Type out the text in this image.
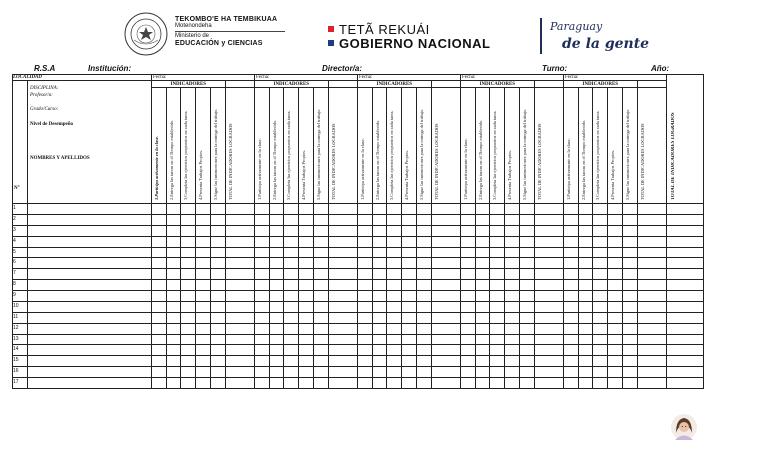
TEKOMBO'E HA TEMBIKUAA
Motenondeha
Ministerio de
EDUCACIÓN y CIENCIAS
TETÃ REKUÁI
GOBIERNO NACIONAL
Paraguay
de la gente
R.S.A	Institución:	Director/a:	Turno:	Año:
LOCALIDAD
DISCIPLINA:
Profesor/a:
Grado/Curso:
Nivel de Desempeño
NOMBRES Y APELLIDOS
N°
Fecha:
INDICADORES
1.Participa activamente en la clase.	2.Entrega las tareas en el Tiempo establecido.	3.Completa las ejercicios propuestos en cada tarea.	4.Presenta Trabajos Propios.	5.Sigue las instrucciones para la entrega del trabajo.	TOTAL DE INDICADORES LOGRADOS
Fecha:
INDICADORES
1.Participa activamente en la clase.	2.Entrega las tareas en el Tiempo establecido.	3.Completa las ejercicios propuestos en cada tarea.	4.Presenta Trabajos Propios.	5.Sigue las instrucciones para la entrega del trabajo.	TOTAL DE INDICADORES LOGRADOS
Fecha:
INDICADORES
1.Participa activamente en la clase.	2.Entrega las tareas en el Tiempo establecido.	3.Completa las ejercicios propuestos en cada tarea.	4.Presenta Trabajos Propios.	5.Sigue las instrucciones para la entrega del trabajo.	TOTAL DE INDICADORES LOGRADOS
Fecha:
INDICADORES
1.Participa activamente en la clase.	2.Entrega las tareas en el Tiempo establecido.	3.Completa las ejercicios propuestos en cada tarea.	4.Presenta Trabajos Propios.	5.Sigue las instrucciones para la entrega del trabajo.	TOTAL DE INDICADORES LOGRADOS
Fecha:
INDICADORES
1.Participa activamente en la clase.	2.Entrega las tareas en el Tiempo establecido.	3.Completa las ejercicios propuestos en cada tarea.	4.Presenta Trabajos Propios.	5.Sigue las instrucciones para la entrega del trabajo.	TOTAL DE INDICADORES LOGRADOS	TOTAL DE INDICADORES LOGRADOS
1
2
3
4
5
6
7
8
9
10
11
12
13
14
15
16
17
